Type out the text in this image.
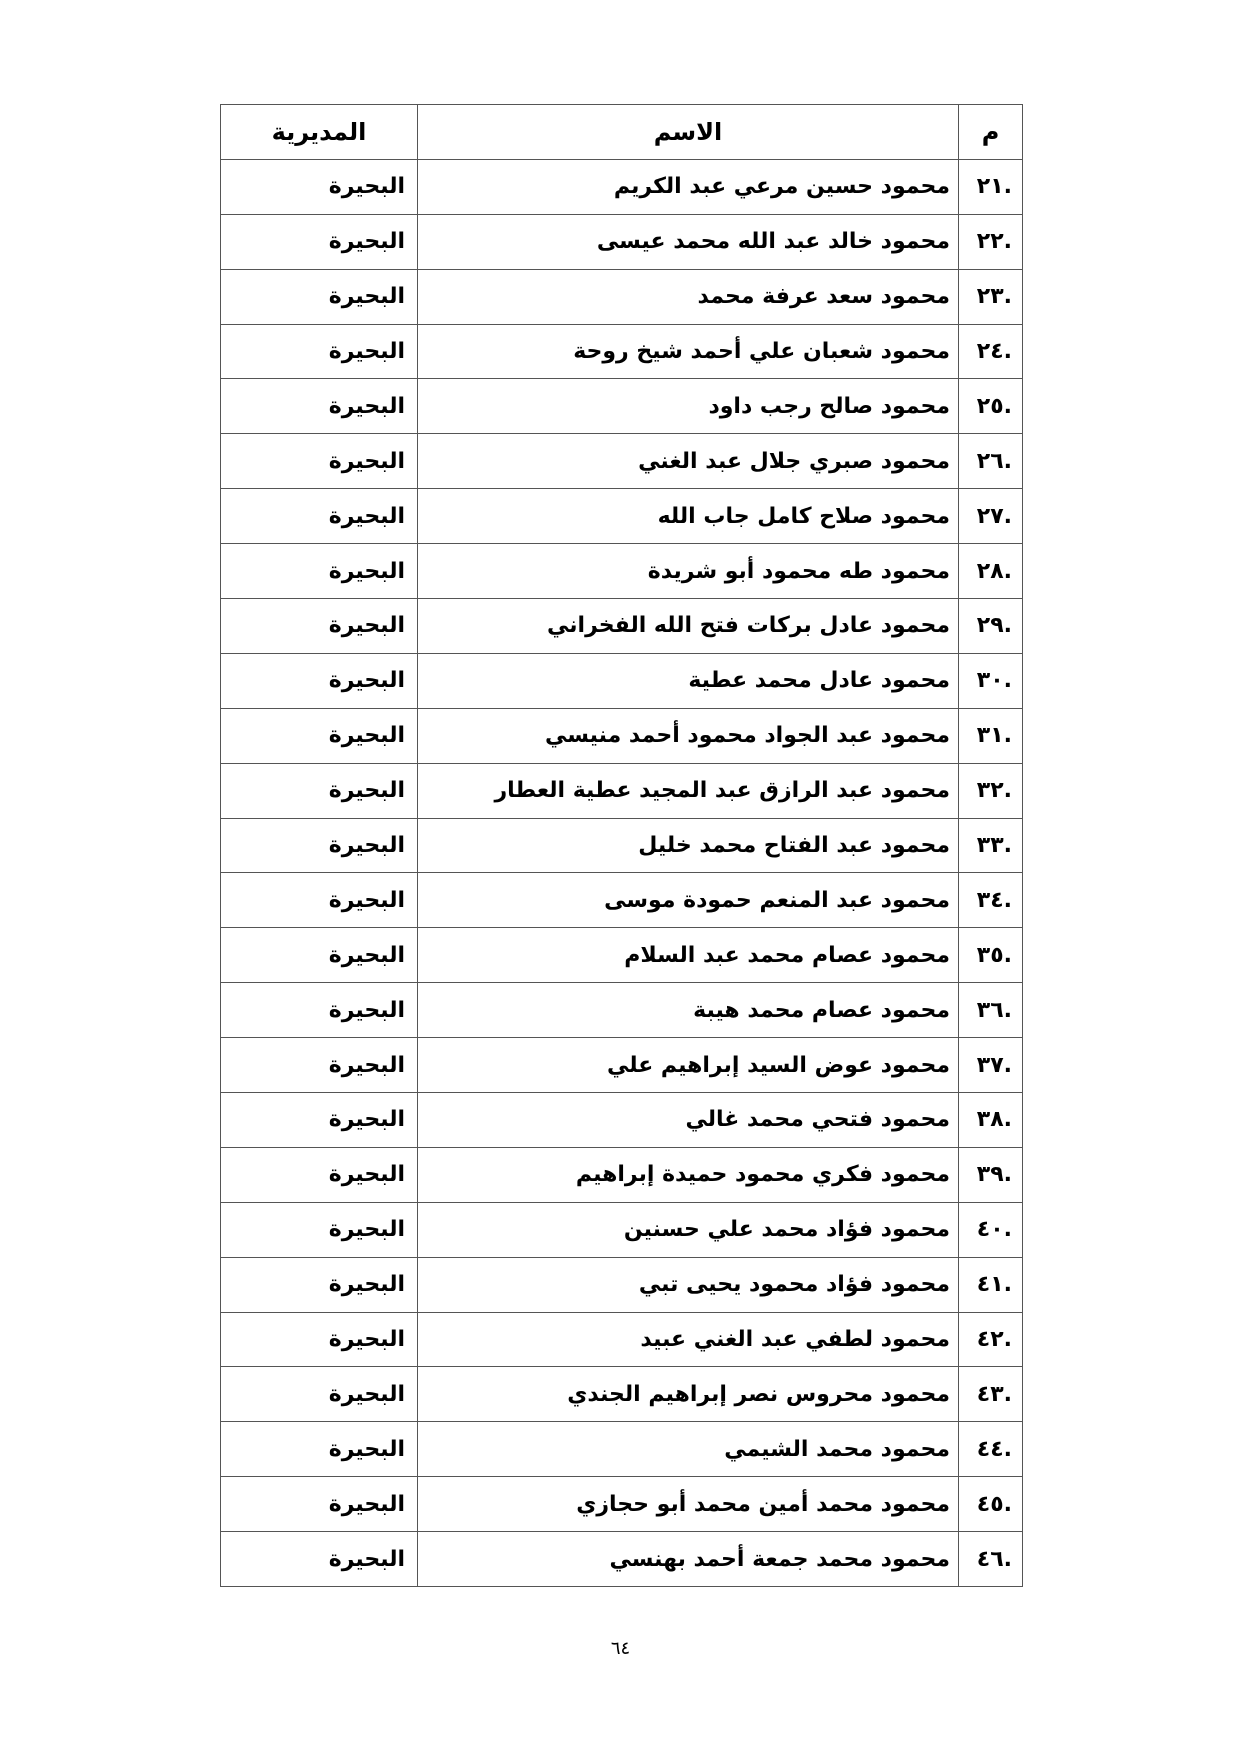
م	الاسم	المديرية
.٢١	محمود حسين مرعي عبد الكريم	البحيرة
.٢٢	محمود خالد عبد الله محمد عيسى	البحيرة
.٢٣	محمود سعد عرفة محمد	البحيرة
.٢٤	محمود شعبان علي أحمد شيخ روحة	البحيرة
.٢٥	محمود صالح رجب داود	البحيرة
.٢٦	محمود صبري جلال عبد الغني	البحيرة
.٢٧	محمود صلاح كامل جاب الله	البحيرة
.٢٨	محمود طه محمود أبو شريدة	البحيرة
.٢٩	محمود عادل بركات فتح الله الفخراني	البحيرة
.٣٠	محمود عادل محمد عطية	البحيرة
.٣١	محمود عبد الجواد محمود أحمد منيسي	البحيرة
.٣٢	محمود عبد الرازق عبد المجيد عطية العطار	البحيرة
.٣٣	محمود عبد الفتاح محمد خليل	البحيرة
.٣٤	محمود عبد المنعم حمودة موسى	البحيرة
.٣٥	محمود عصام محمد عبد السلام	البحيرة
.٣٦	محمود عصام محمد هيبة	البحيرة
.٣٧	محمود عوض السيد إبراهيم علي	البحيرة
.٣٨	محمود فتحي محمد غالي	البحيرة
.٣٩	محمود فكري محمود حميدة إبراهيم	البحيرة
.٤٠	محمود فؤاد محمد علي حسنين	البحيرة
.٤١	محمود فؤاد محمود يحيى تبي	البحيرة
.٤٢	محمود لطفي عبد الغني عبيد	البحيرة
.٤٣	محمود محروس نصر إبراهيم الجندي	البحيرة
.٤٤	محمود محمد الشيمي	البحيرة
.٤٥	محمود محمد أمين محمد أبو حجازي	البحيرة
.٤٦	محمود محمد جمعة أحمد بهنسي	البحيرة
٦٤
